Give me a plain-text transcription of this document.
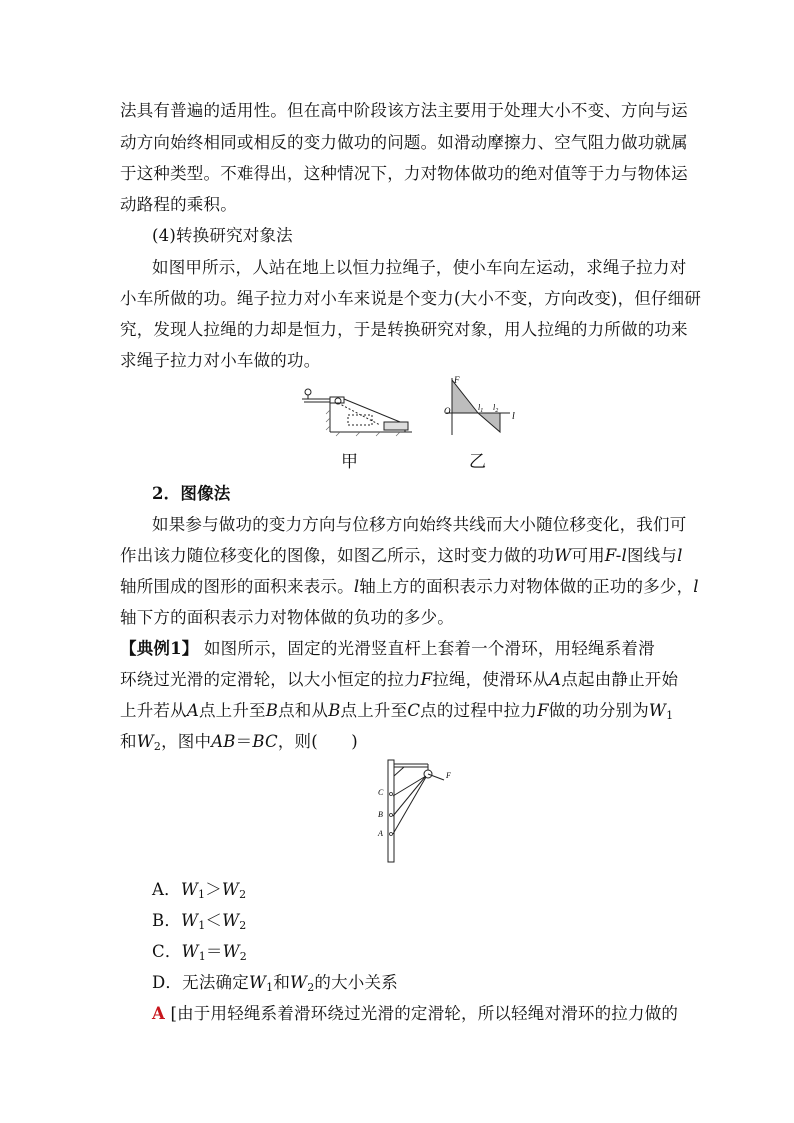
法具有普遍的适用性。但在高中阶段该方法主要用于处理大小不变、方向与运
动方向始终相同或相反的变力做功的问题。如滑动摩擦力、空气阻力做功就属
于这种类型。不难得出，这种情况下，力对物体做功的绝对值等于力与物体运
动路程的乘积。
(4)转换研究对象法
如图甲所示，人站在地上以恒力拉绳子，使小车向左运动，求绳子拉力对
小车所做的功。绳子拉力对小车来说是个变力(大小不变，方向改变)，但仔细研
究，发现人拉绳的力却是恒力，于是转换研究对象，用人拉绳的力所做的功来
求绳子拉力对小车做的功。
F
O	$l_1$ $l_2$ l
甲	乙
2．图像法
如果参与做功的变力方向与位移方向始终共线而大小随位移变化，我们可
作出该力随位移变化的图像，如图乙所示，这时变力做的功W可用F-l图线与l
轴所围成的图形的面积来表示。l轴上方的面积表示力对物体做的正功的多少，l
轴下方的面积表示力对物体做的负功的多少。
【典例1】 如图所示，固定的光滑竖直杆上套着一个滑环，用轻绳系着滑
环绕过光滑的定滑轮，以大小恒定的拉力F拉绳，使滑环从A点起由静止开始
上升若从A点上升至B点和从B点上升至C点的过程中拉力F做的功分别为$W_1$
和$W_2$，图中AB＝BC，则(　　)
C
B
A
F
A．$W_1>W_2$
B．$W_1<W_2$
C．$W_1=W_2$
D．无法确定$W_1$和$W_2$的大小关系
A [由于用轻绳系着滑环绕过光滑的定滑轮，所以轻绳对滑环的拉力做的
